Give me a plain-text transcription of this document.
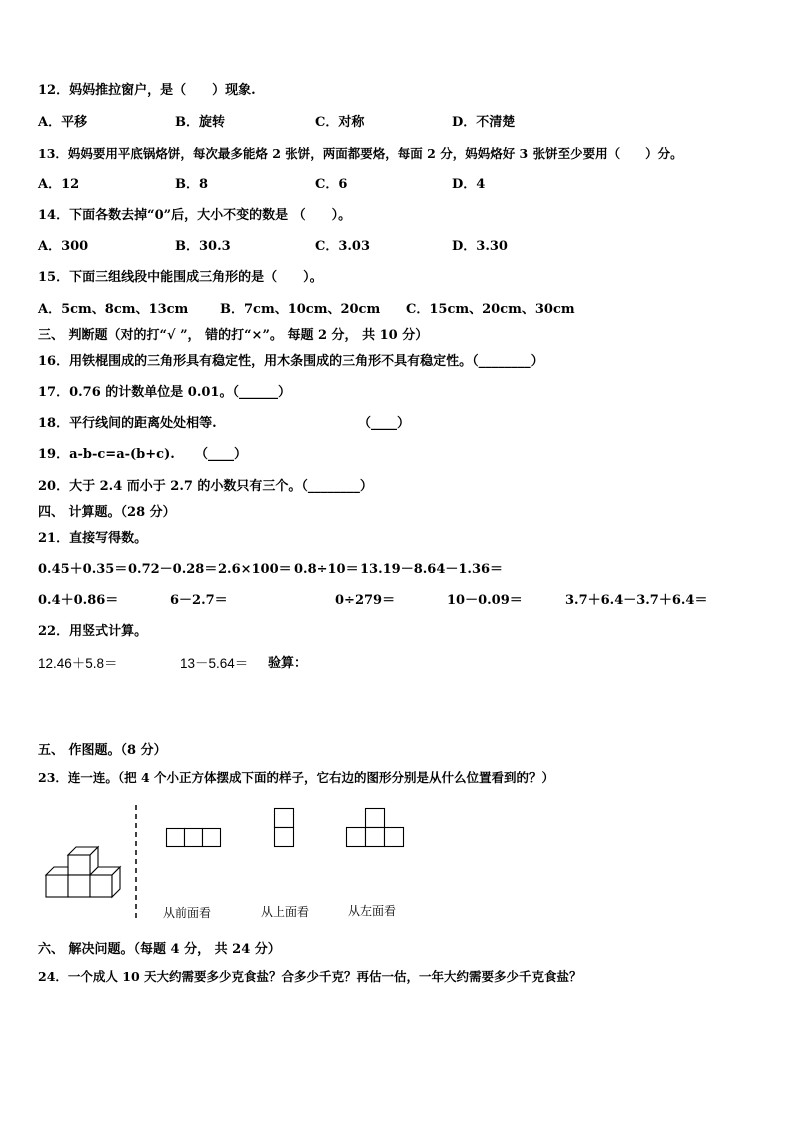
12．妈妈推拉窗户，是（　　）现象.
A．平移	B．旋转	C．对称	D．不清楚
13．妈妈要用平底锅烙饼，每次最多能烙 2 张饼，两面都要烙，每面 2 分，妈妈烙好 3 张饼至少要用（　　）分。
A．12	B．8	C．6	D．4
14．下面各数去掉“0”后，大小不变的数是 （　　）。
A．300	B．30.3	C．3.03	D．3.30
15．下面三组线段中能围成三角形的是（　　）。
A．5cm、8cm、13cm B．7cm、10cm、20cm C．15cm、20cm、30cm
三、 判断题（对的打“√ ”， 错的打“×”。 每题 2 分， 共 10 分）
16．用铁棍围成的三角形具有稳定性，用木条围成的三角形不具有稳定性。（________）
17．0.76 的计数单位是 0.01。（______）
18．平行线间的距离处处相等.	（____）
19．a-b-c=a-(b+c). （____）
20．大于 2.4 而小于 2.7 的小数只有三个。（________）
四、 计算题。（28 分）
21．直接写得数。
0.45＋0.35＝ 0.72－0.28＝ 2.6×100＝ 0.8÷10＝ 13.19－8.64－1.36＝
0.4＋0.86＝	6－2.7＝	0÷279＝	10－0.09＝	3.7＋6.4－3.7＋6.4＝
22．用竖式计算。
12.46＋5.8＝	13－5.64＝ 验算：
五、 作图题。（8 分）
23．连一连。（把 4 个小正方体摆成下面的样子，它右边的图形分别是从什么位置看到的？）
从前面看	从上面看	从左面看
六、 解决问题。（每题 4 分， 共 24 分）
24．一个成人 10 天大约需要多少克食盐？合多少千克？再估一估，一年大约需要多少千克食盐？
